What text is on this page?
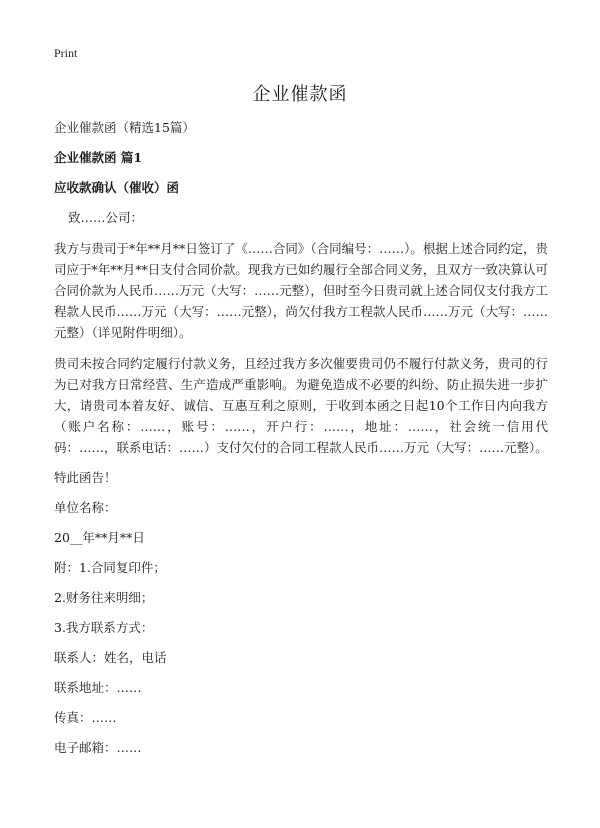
Print
企业催款函

企业催款函（精选15篇）

企业催款函 篇1

应收款确认（催收）函

致……公司：

我方与贵司于*年**月**日签订了《……合同》（合同编号：……）。根据上述合同约定，贵司应于*年**月**日支付合同价款。现我方已如约履行全部合同义务，且双方一致决算认可合同价款为人民币……万元（大写：……元整），但时至今日贵司就上述合同仅支付我方工程款人民币……万元（大写：……元整），尚欠付我方工程款人民币……万元（大写：……元整）（详见附件明细）。

贵司未按合同约定履行付款义务，且经过我方多次催要贵司仍不履行付款义务，贵司的行为已对我方日常经营、生产造成严重影响。为避免造成不必要的纠纷、防止损失进一步扩大，请贵司本着友好、诚信、互惠互利之原则，于收到本函之日起10个工作日内向我方（账户名称：……，账号：……，开户行：……，地址：……，社会统一信用代码：……，联系电话：……）支付欠付的合同工程款人民币……万元（大写：……元整）。

特此函告！

单位名称：

20__年**月**日

附：1.合同复印件；

2.财务往来明细；

3.我方联系方式：

联系人：姓名，电话

联系地址：……

传真：……

电子邮箱：……
